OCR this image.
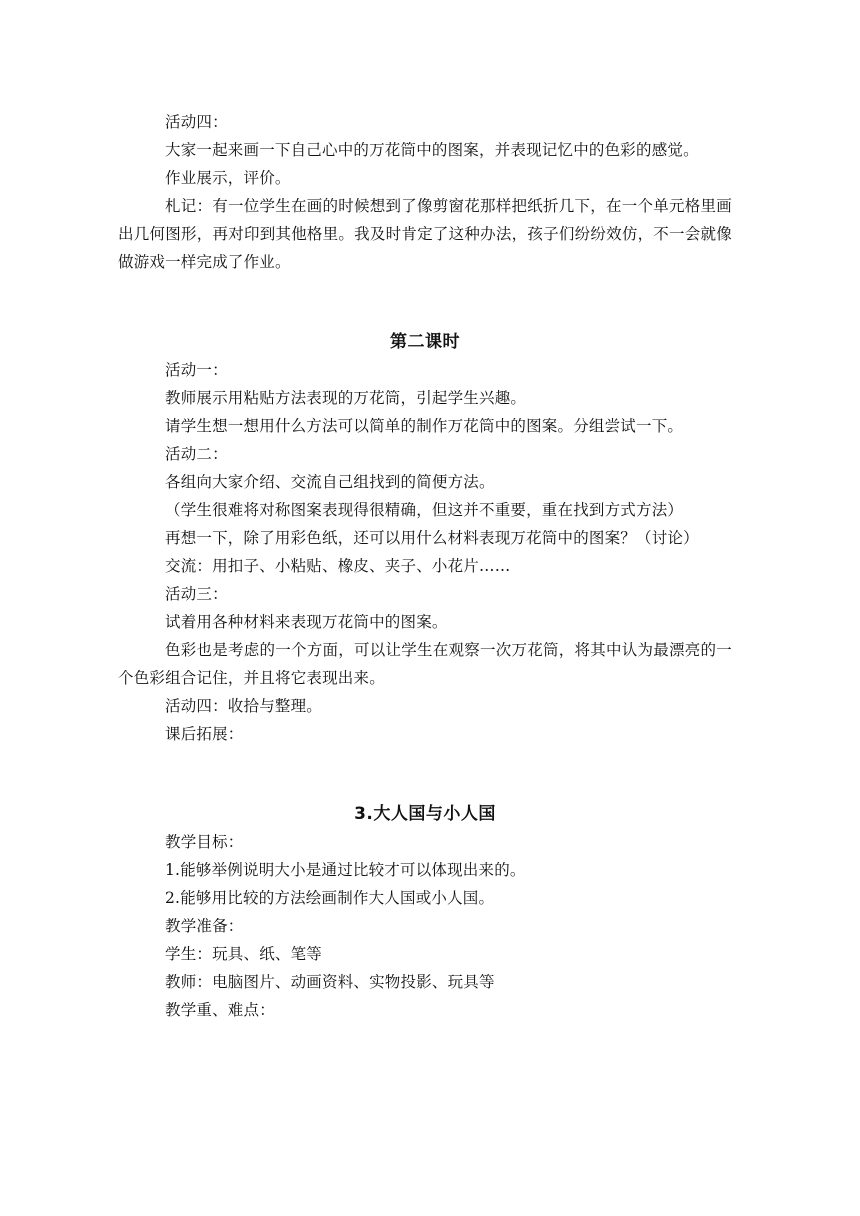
活动四：

大家一起来画一下自己心中的万花筒中的图案，并表现记忆中的色彩的感觉。

作业展示，评价。

札记：有一位学生在画的时候想到了像剪窗花那样把纸折几下，在一个单元格里画出几何图形，再对印到其他格里。我及时肯定了这种办法，孩子们纷纷效仿，不一会就像做游戏一样完成了作业。

第二课时

活动一：

教师展示用粘贴方法表现的万花筒，引起学生兴趣。

请学生想一想用什么方法可以简单的制作万花筒中的图案。分组尝试一下。

活动二：

各组向大家介绍、交流自己组找到的简便方法。

（学生很难将对称图案表现得很精确，但这并不重要，重在找到方式方法）

再想一下，除了用彩色纸，还可以用什么材料表现万花筒中的图案？（讨论）

交流：用扣子、小粘贴、橡皮、夹子、小花片……

活动三：

试着用各种材料来表现万花筒中的图案。

色彩也是考虑的一个方面，可以让学生在观察一次万花筒，将其中认为最漂亮的一个色彩组合记住，并且将它表现出来。

活动四：收拾与整理。

课后拓展：

3.大人国与小人国

教学目标：

1.能够举例说明大小是通过比较才可以体现出来的。

2.能够用比较的方法绘画制作大人国或小人国。

教学准备：

学生：玩具、纸、笔等

教师：电脑图片、动画资料、实物投影、玩具等

教学重、难点：
